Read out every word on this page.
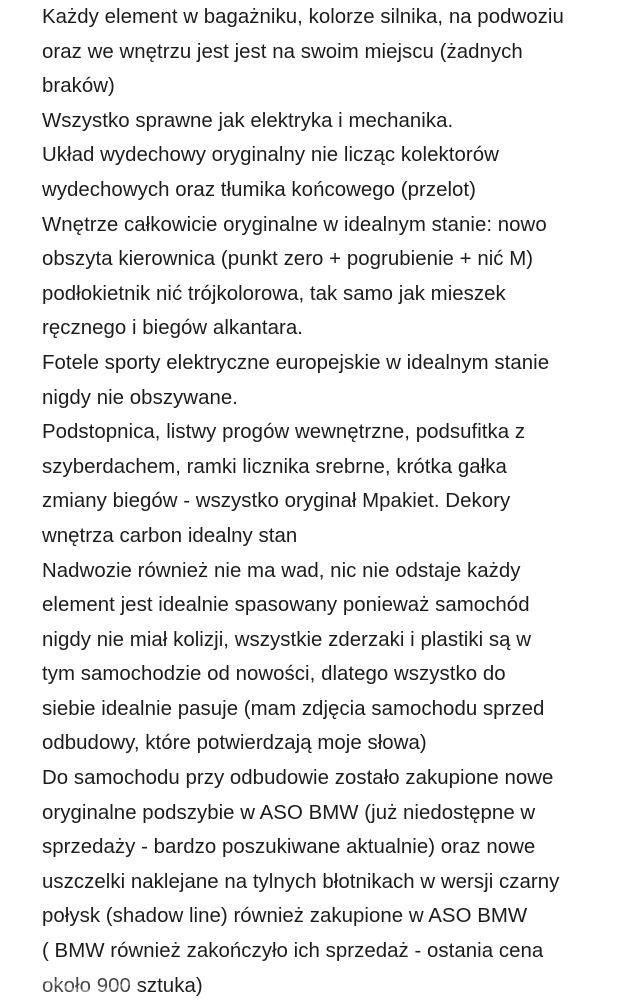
Każdy element w bagażniku, kolorze silnika, na podwoziu
oraz we wnętrzu jest jest na swoim miejscu (żadnych
braków)
Wszystko sprawne jak elektryka i mechanika.
Układ wydechowy oryginalny nie licząc kolektorów
wydechowych oraz tłumika końcowego (przelot)
Wnętrze całkowicie oryginalne w idealnym stanie: nowo
obszyta kierownica (punkt zero + pogrubienie + nić M)
podłokietnik nić trójkolorowa, tak samo jak mieszek
ręcznego i biegów alkantara.
Fotele sporty elektryczne europejskie w idealnym stanie
nigdy nie obszywane.
Podstopnica, listwy progów wewnętrzne, podsufitka z
szyberdachem, ramki licznika srebrne, krótka gałka
zmiany biegów - wszystko oryginał Mpakiet. Dekory
wnętrza carbon idealny stan
Nadwozie również nie ma wad, nic nie odstaje każdy
element jest idealnie spasowany ponieważ samochód
nigdy nie miał kolizji, wszystkie zderzaki i plastiki są w
tym samochodzie od nowości, dlatego wszystko do
siebie idealnie pasuje (mam zdjęcia samochodu sprzed
odbudowy, które potwierdzają moje słowa)
Do samochodu przy odbudowie zostało zakupione nowe
oryginalne podszybie w ASO BMW (już niedostępne w
sprzedaży - bardzo poszukiwane aktualnie) oraz nowe
uszczelki naklejane na tylnych błotnikach w wersji czarny
połysk (shadow line) również zakupione w ASO BMW
( BMW również zakończyło ich sprzedaż - ostania cena
około 900 sztuka)
